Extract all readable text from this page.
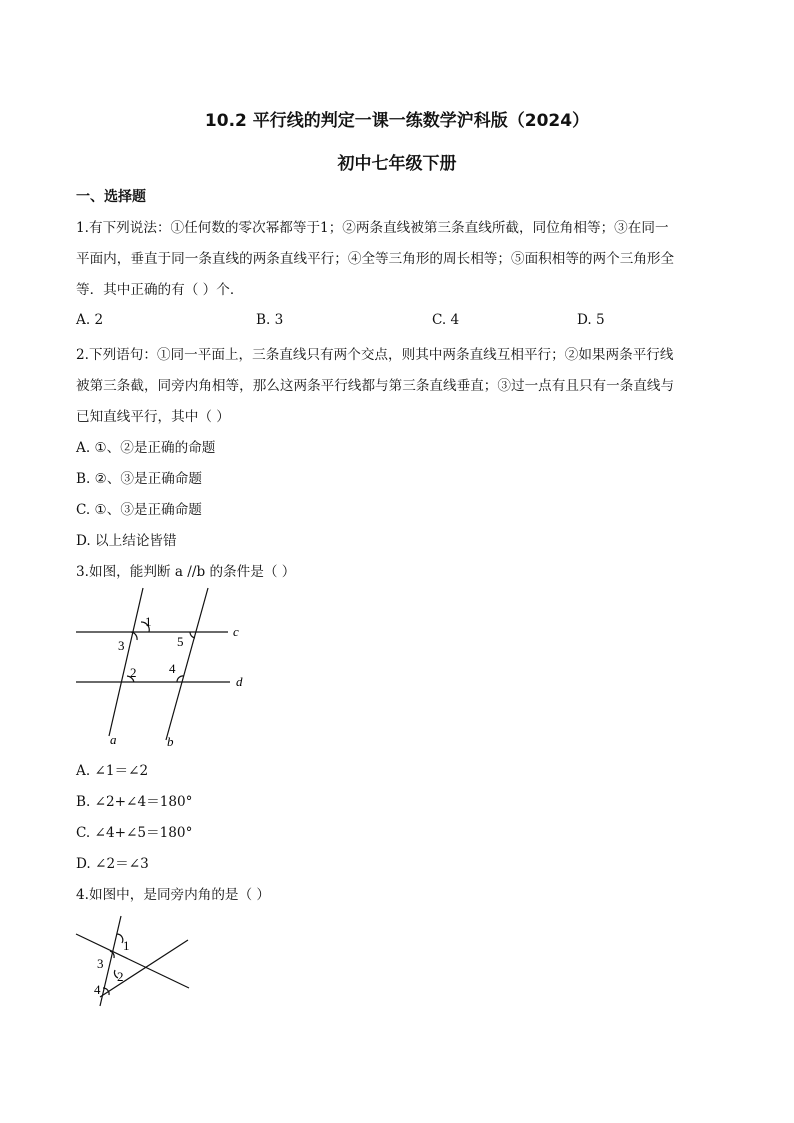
10.2 平行线的判定一课一练数学沪科版（2024）
初中七年级下册
一、选择题
1.有下列说法：①任何数的零次幂都等于1；②两条直线被第三条直线所截，同位角相等；③在同一
平面内，垂直于同一条直线的两条直线平行；④全等三角形的周长相等；⑤面积相等的两个三角形全
等．其中正确的有（ ）个．
A. 2	B. 3	C. 4	D. 5
2.下列语句：①同一平面上，三条直线只有两个交点，则其中两条直线互相平行；②如果两条平行线
被第三条截，同旁内角相等，那么这两条平行线都与第三条直线垂直；③过一点有且只有一条直线与
已知直线平行，其中（ ）
A. ①、②是正确的命题
B. ②、③是正确命题
C. ①、③是正确命题
D. 以上结论皆错
3.如图，能判断 a //b 的条件是（ ）
1
3	5
c
2	4
d
a	b
A. ∠1＝∠2
B. ∠2+∠4＝180°
C. ∠4+∠5＝180°
D. ∠2＝∠3
4.如图中，是同旁内角的是（ ）
1
3
2
4
